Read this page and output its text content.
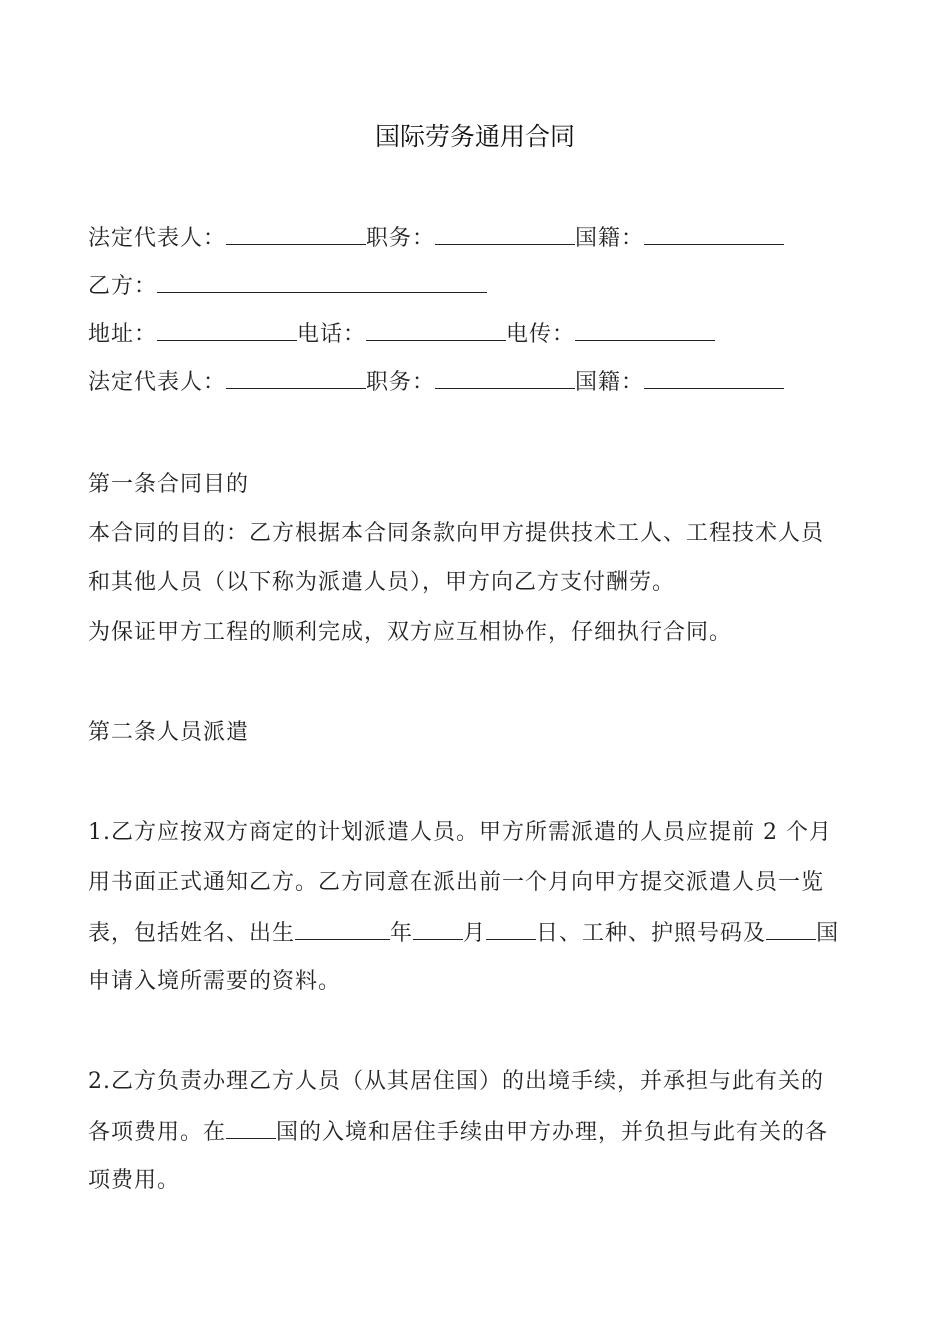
国际劳务通用合同
法定代表人：	职务：	国籍：
乙方：
地址：	电话：	电传：
法定代表人：	职务：	国籍：
第一条合同目的
本合同的目的：乙方根据本合同条款向甲方提供技术工人、工程技术人员
和其他人员（以下称为派遣人员），甲方向乙方支付酬劳。
为保证甲方工程的顺利完成，双方应互相协作，仔细执行合同。
第二条人员派遣
1.乙方应按双方商定的计划派遣人员。甲方所需派遣的人员应提前 2 个月
用书面正式通知乙方。乙方同意在派出前一个月向甲方提交派遣人员一览
表，包括姓名、出生	年 月 日、工种、护照号码及 国
申请入境所需要的资料。
2.乙方负责办理乙方人员（从其居住国）的出境手续，并承担与此有关的
各项费用。在 国的入境和居住手续由甲方办理，并负担与此有关的各
项费用。
